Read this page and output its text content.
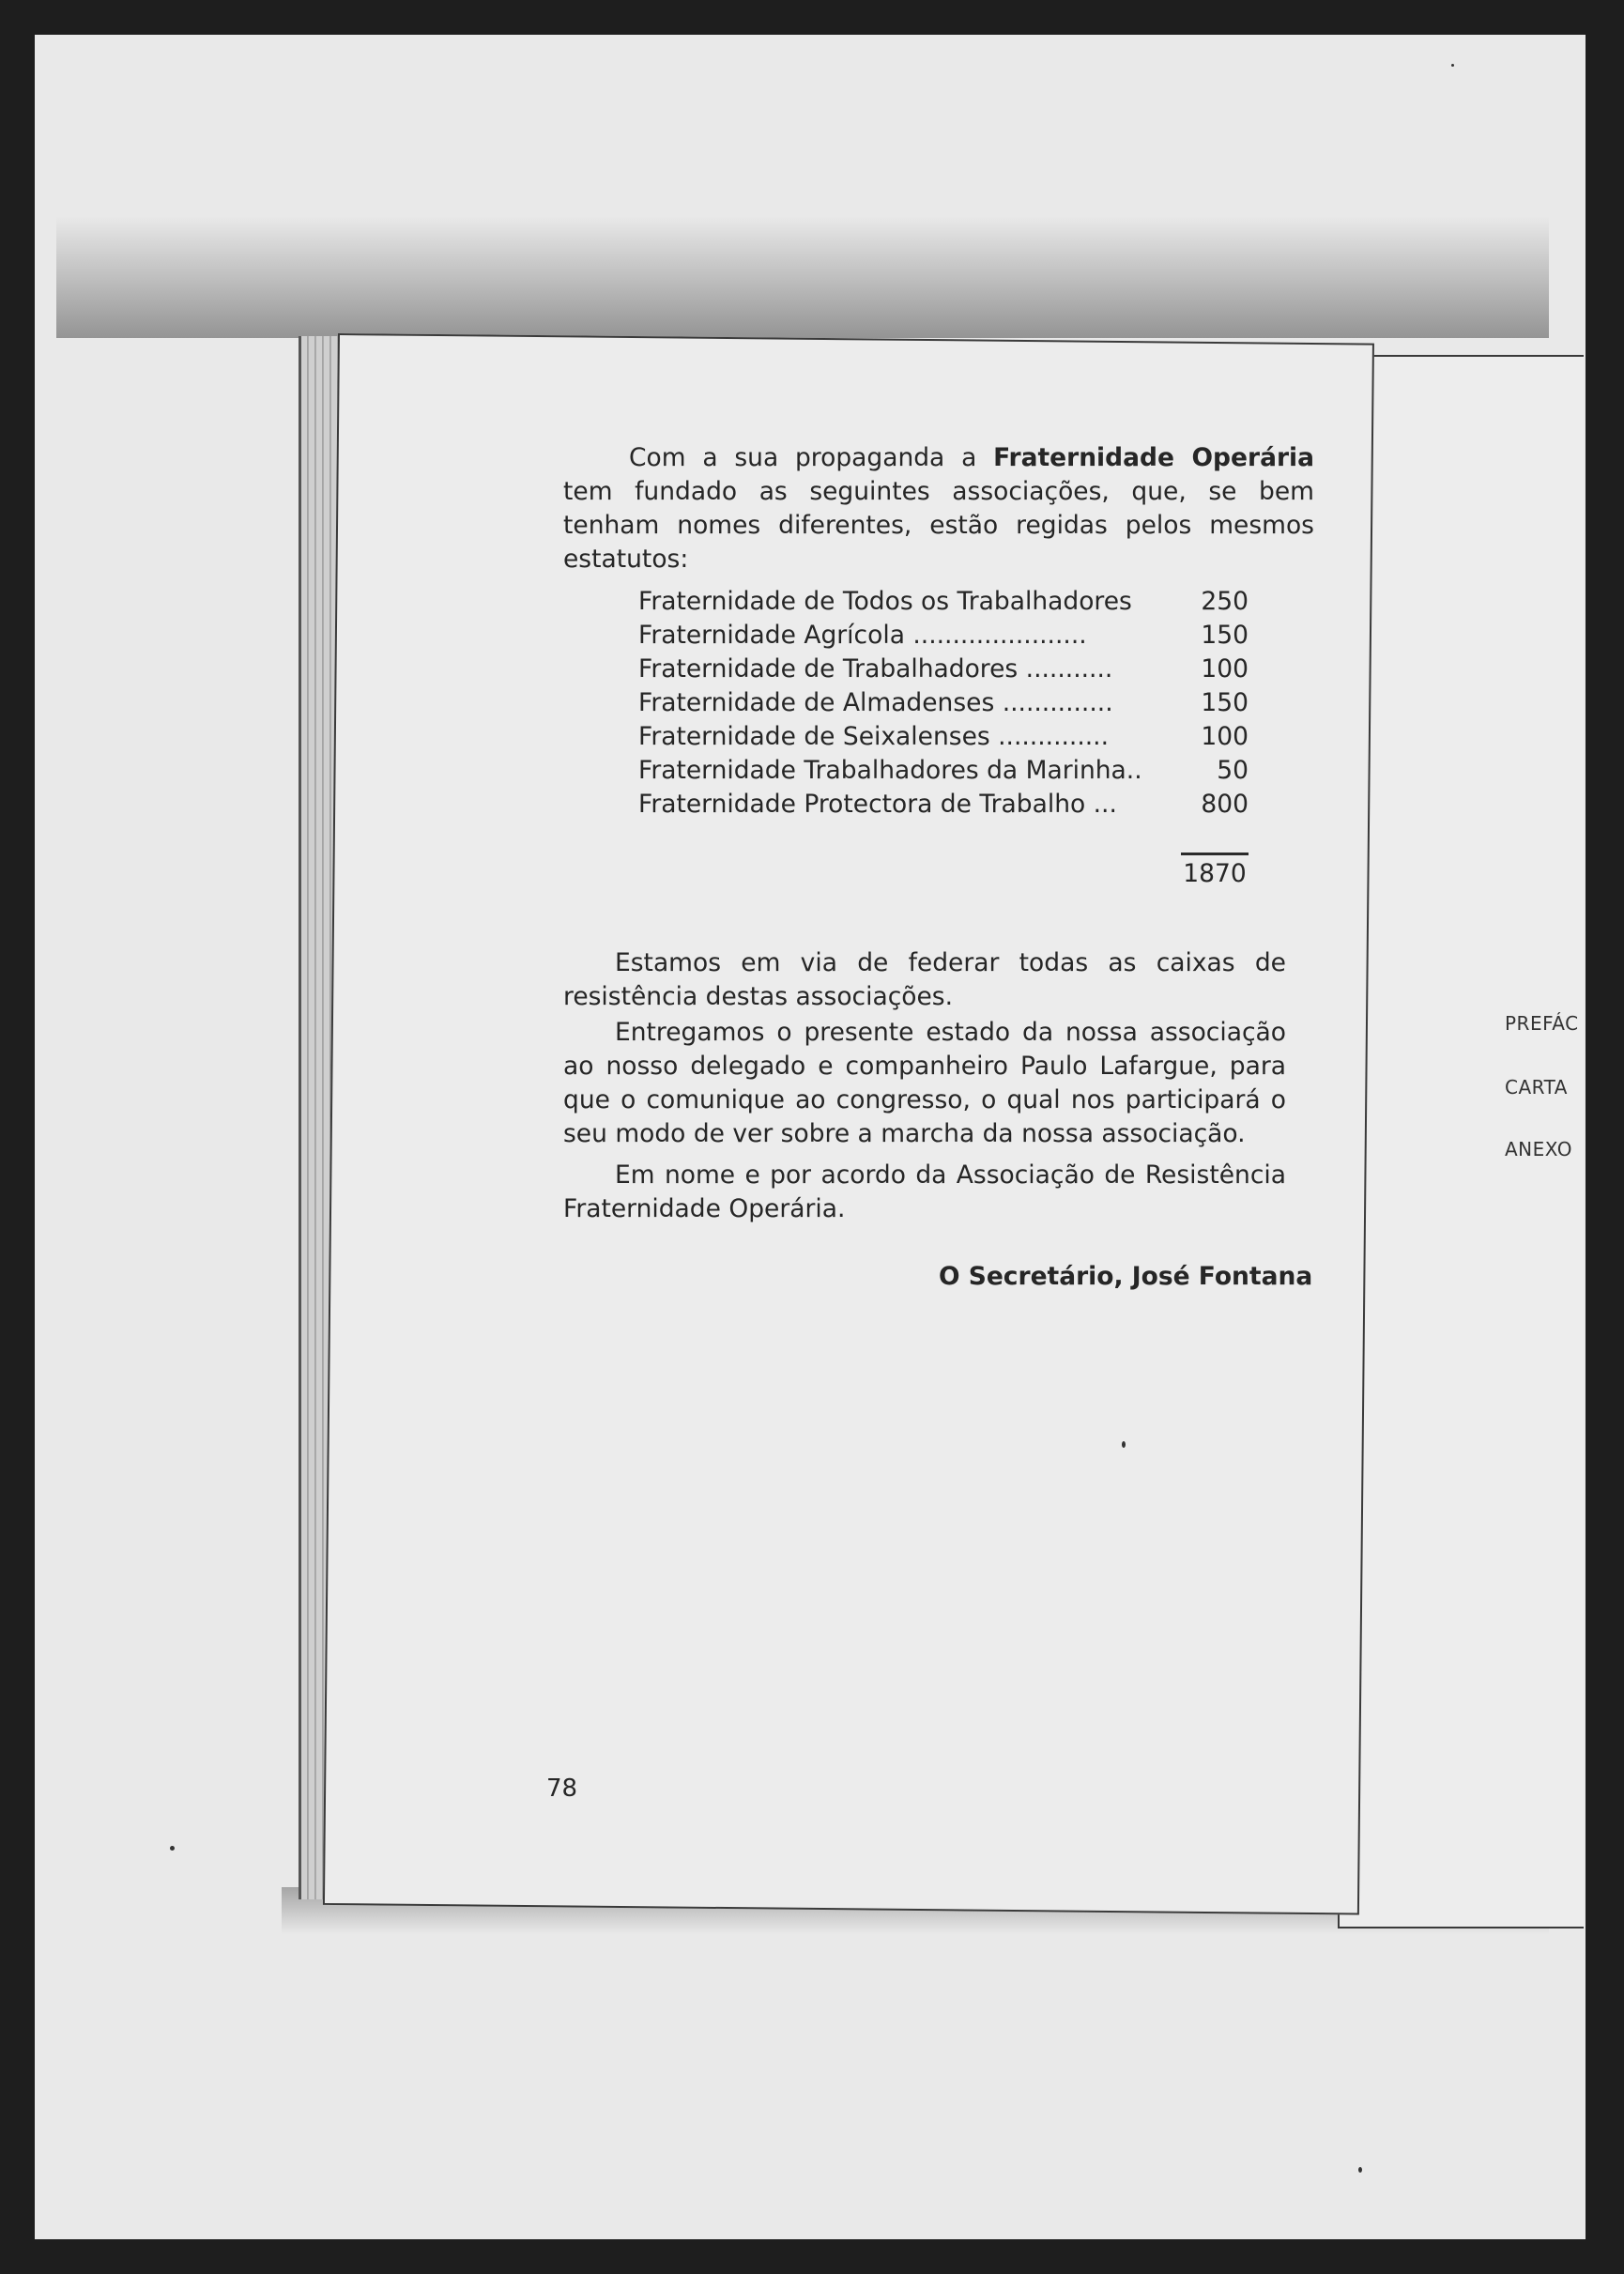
PREFÁC
CARTA
ANEXO
Com a sua propaganda a Fraternidade Operária tem fundado as seguintes associações, que, se bem tenham nomes diferentes, estão regidas pelos mesmos estatutos:
Fraternidade de Todos os Trabalhadores	250
Fraternidade Agrícola ......................	150
Fraternidade de Trabalhadores ...........	100
Fraternidade de Almadenses ..............	150
Fraternidade de Seixalenses ..............	100
Fraternidade Trabalhadores da Marinha..	50
Fraternidade Protectora de Trabalho ...	800
1870
Estamos em via de federar todas as caixas de resistência destas associações.
Entregamos o presente estado da nossa associação ao nosso delegado e companheiro Paulo Lafargue, para que o comunique ao congresso, o qual nos participará o seu modo de ver sobre a marcha da nossa associação.
Em nome e por acordo da Associação de Resistência Fraternidade Operária.
O Secretário, José Fontana
78
